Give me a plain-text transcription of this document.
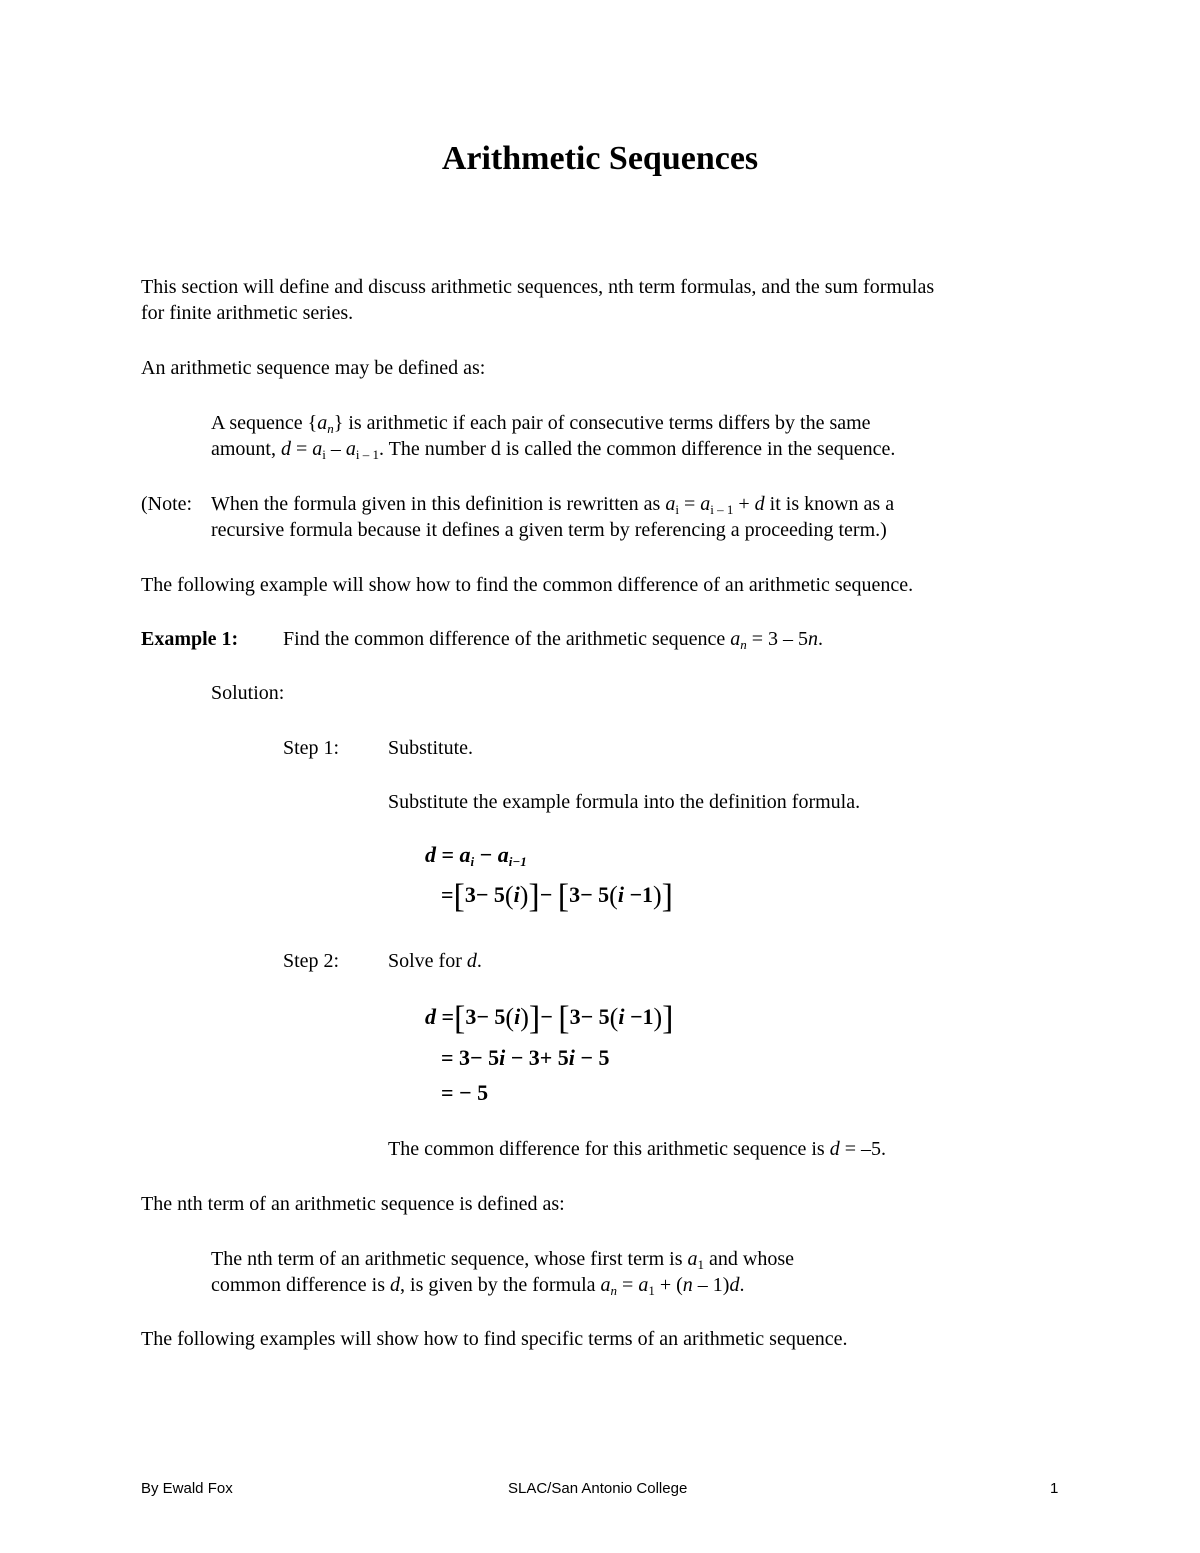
Arithmetic Sequences
This section will define and discuss arithmetic sequences, nth term formulas, and the sum formulas
for finite arithmetic series.
An arithmetic sequence may be defined as:
A sequence $\{a_n\}$ is arithmetic if each pair of consecutive terms differs by the same
amount, $d = a_i - a_{i - 1}$. The number d is called the common difference in the sequence.
(Note: When the formula given in this definition is rewritten as $a_i = a_{i - 1} + d$ it is known as a
recursive formula because it defines a given term by referencing a proceeding term.)
The following example will show how to find the common difference of an arithmetic sequence.
Example 1: Find the common difference of the arithmetic sequence $a_n = 3 - 5n$.
Solution:
Step 1: Substitute.
Substitute the example formula into the definition formula.
$d = a_i - a_{i-1}$
=[3− 5(i)]− [3− 5(i −1)]
Step 2: Solve for d.
d =[3− 5(i)]− [3− 5(i −1)]
= 3− 5i − 3+ 5i − 5
= − 5
The common difference for this arithmetic sequence is d = –5.
The nth term of an arithmetic sequence is defined as:
The nth term of an arithmetic sequence, whose first term is $a_1$ and whose
common difference is d, is given by the formula $a_n = a_1 + (n - 1)d$.
The following examples will show how to find specific terms of an arithmetic sequence.
By Ewald Fox	SLAC/San Antonio College	1
